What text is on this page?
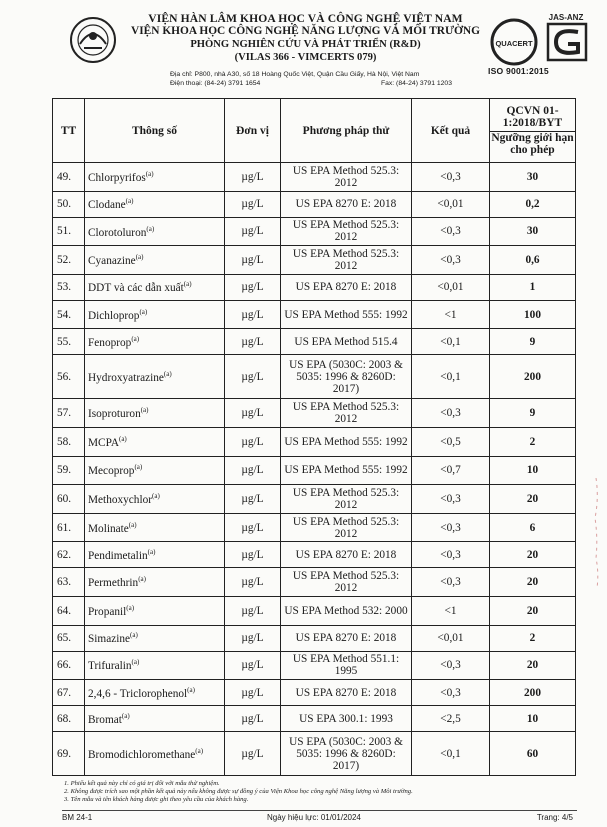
VIỆN HÀN LÂM KHOA HỌC VÀ CÔNG NGHỆ VIỆT NAM
VIỆN KHOA HỌC CÔNG NGHỆ NĂNG LƯỢNG VÀ MÔI TRƯỜNG
PHÒNG NGHIÊN CỨU VÀ PHÁT TRIỂN (R&D)
(VILAS 366 - VIMCERTS 079)
Địa chỉ: P800, nhà A30, số 18 Hoàng Quốc Việt, Quận Cầu Giấy, Hà Nội, Việt Nam
Điện thoại: (84-24) 3791 1654	Fax: (84-24) 3791 1203
QUACERT
JAS-ANZ
ISO 9001:2015
TT	Thông số	Đơn vị	Phương pháp thử	Kết quả	QCVN 01-1:2018/BYT
Ngưỡng giới hạn cho phép

49.	Chlorpyrifos$^{(a)}$	µg/L	US EPA Method 525.3: 2012	<0,3	30
50.	Clodane$^{(a)}$	µg/L	US EPA 8270 E: 2018	<0,01	0,2
51.	Clorotoluron$^{(a)}$	µg/L	US EPA Method 525.3: 2012	<0,3	30
52.	Cyanazine$^{(a)}$	µg/L	US EPA Method 525.3: 2012	<0,3	0,6
53.	DDT và các dẫn xuất$^{(a)}$	µg/L	US EPA 8270 E: 2018	<0,01	1
54.	Dichloprop$^{(a)}$	µg/L	US EPA Method 555: 1992	<1	100
55.	Fenoprop$^{(a)}$	µg/L	US EPA Method 515.4	<0,1	9
56.	Hydroxyatrazine$^{(a)}$	µg/L	US EPA (5030C: 2003 & 5035: 1996 & 8260D: 2017)	<0,1	200
57.	Isoproturon$^{(a)}$	µg/L	US EPA Method 525.3: 2012	<0,3	9
58.	MCPA$^{(a)}$	µg/L	US EPA Method 555: 1992	<0,5	2
59.	Mecoprop$^{(a)}$	µg/L	US EPA Method 555: 1992	<0,7	10
60.	Methoxychlor$^{(a)}$	µg/L	US EPA Method 525.3: 2012	<0,3	20
61.	Molinate$^{(a)}$	µg/L	US EPA Method 525.3: 2012	<0,3	6
62.	Pendimetalin$^{(a)}$	µg/L	US EPA 8270 E: 2018	<0,3	20
63.	Permethrin$^{(a)}$	µg/L	US EPA Method 525.3: 2012	<0,3	20
64.	Propanil$^{(a)}$	µg/L	US EPA Method 532: 2000	<1	20
65.	Simazine$^{(a)}$	µg/L	US EPA 8270 E: 2018	<0,01	2
66.	Trifuralin$^{(a)}$	µg/L	US EPA Method 551.1: 1995	<0,3	20
67.	2,4,6 - Triclorophenol$^{(a)}$	µg/L	US EPA 8270 E: 2018	<0,3	200
68.	Bromat$^{(a)}$	µg/L	US EPA 300.1: 1993	<2,5	10
69.	Bromodichloromethane$^{(a)}$	µg/L	US EPA (5030C: 2003 & 5035: 1996 & 8260D: 2017)	<0,1	60
1. Phiếu kết quả này chỉ có giá trị đối với mẫu thử nghiệm.
2. Không được trích sao một phần kết quả này nếu không được sự đồng ý của Viện Khoa học công nghệ Năng lượng và Môi trường.
3. Tên mẫu và tên khách hàng được ghi theo yêu cầu của khách hàng.
BM 24-1	Ngày hiệu lực: 01/01/2024	Trang: 4/5
